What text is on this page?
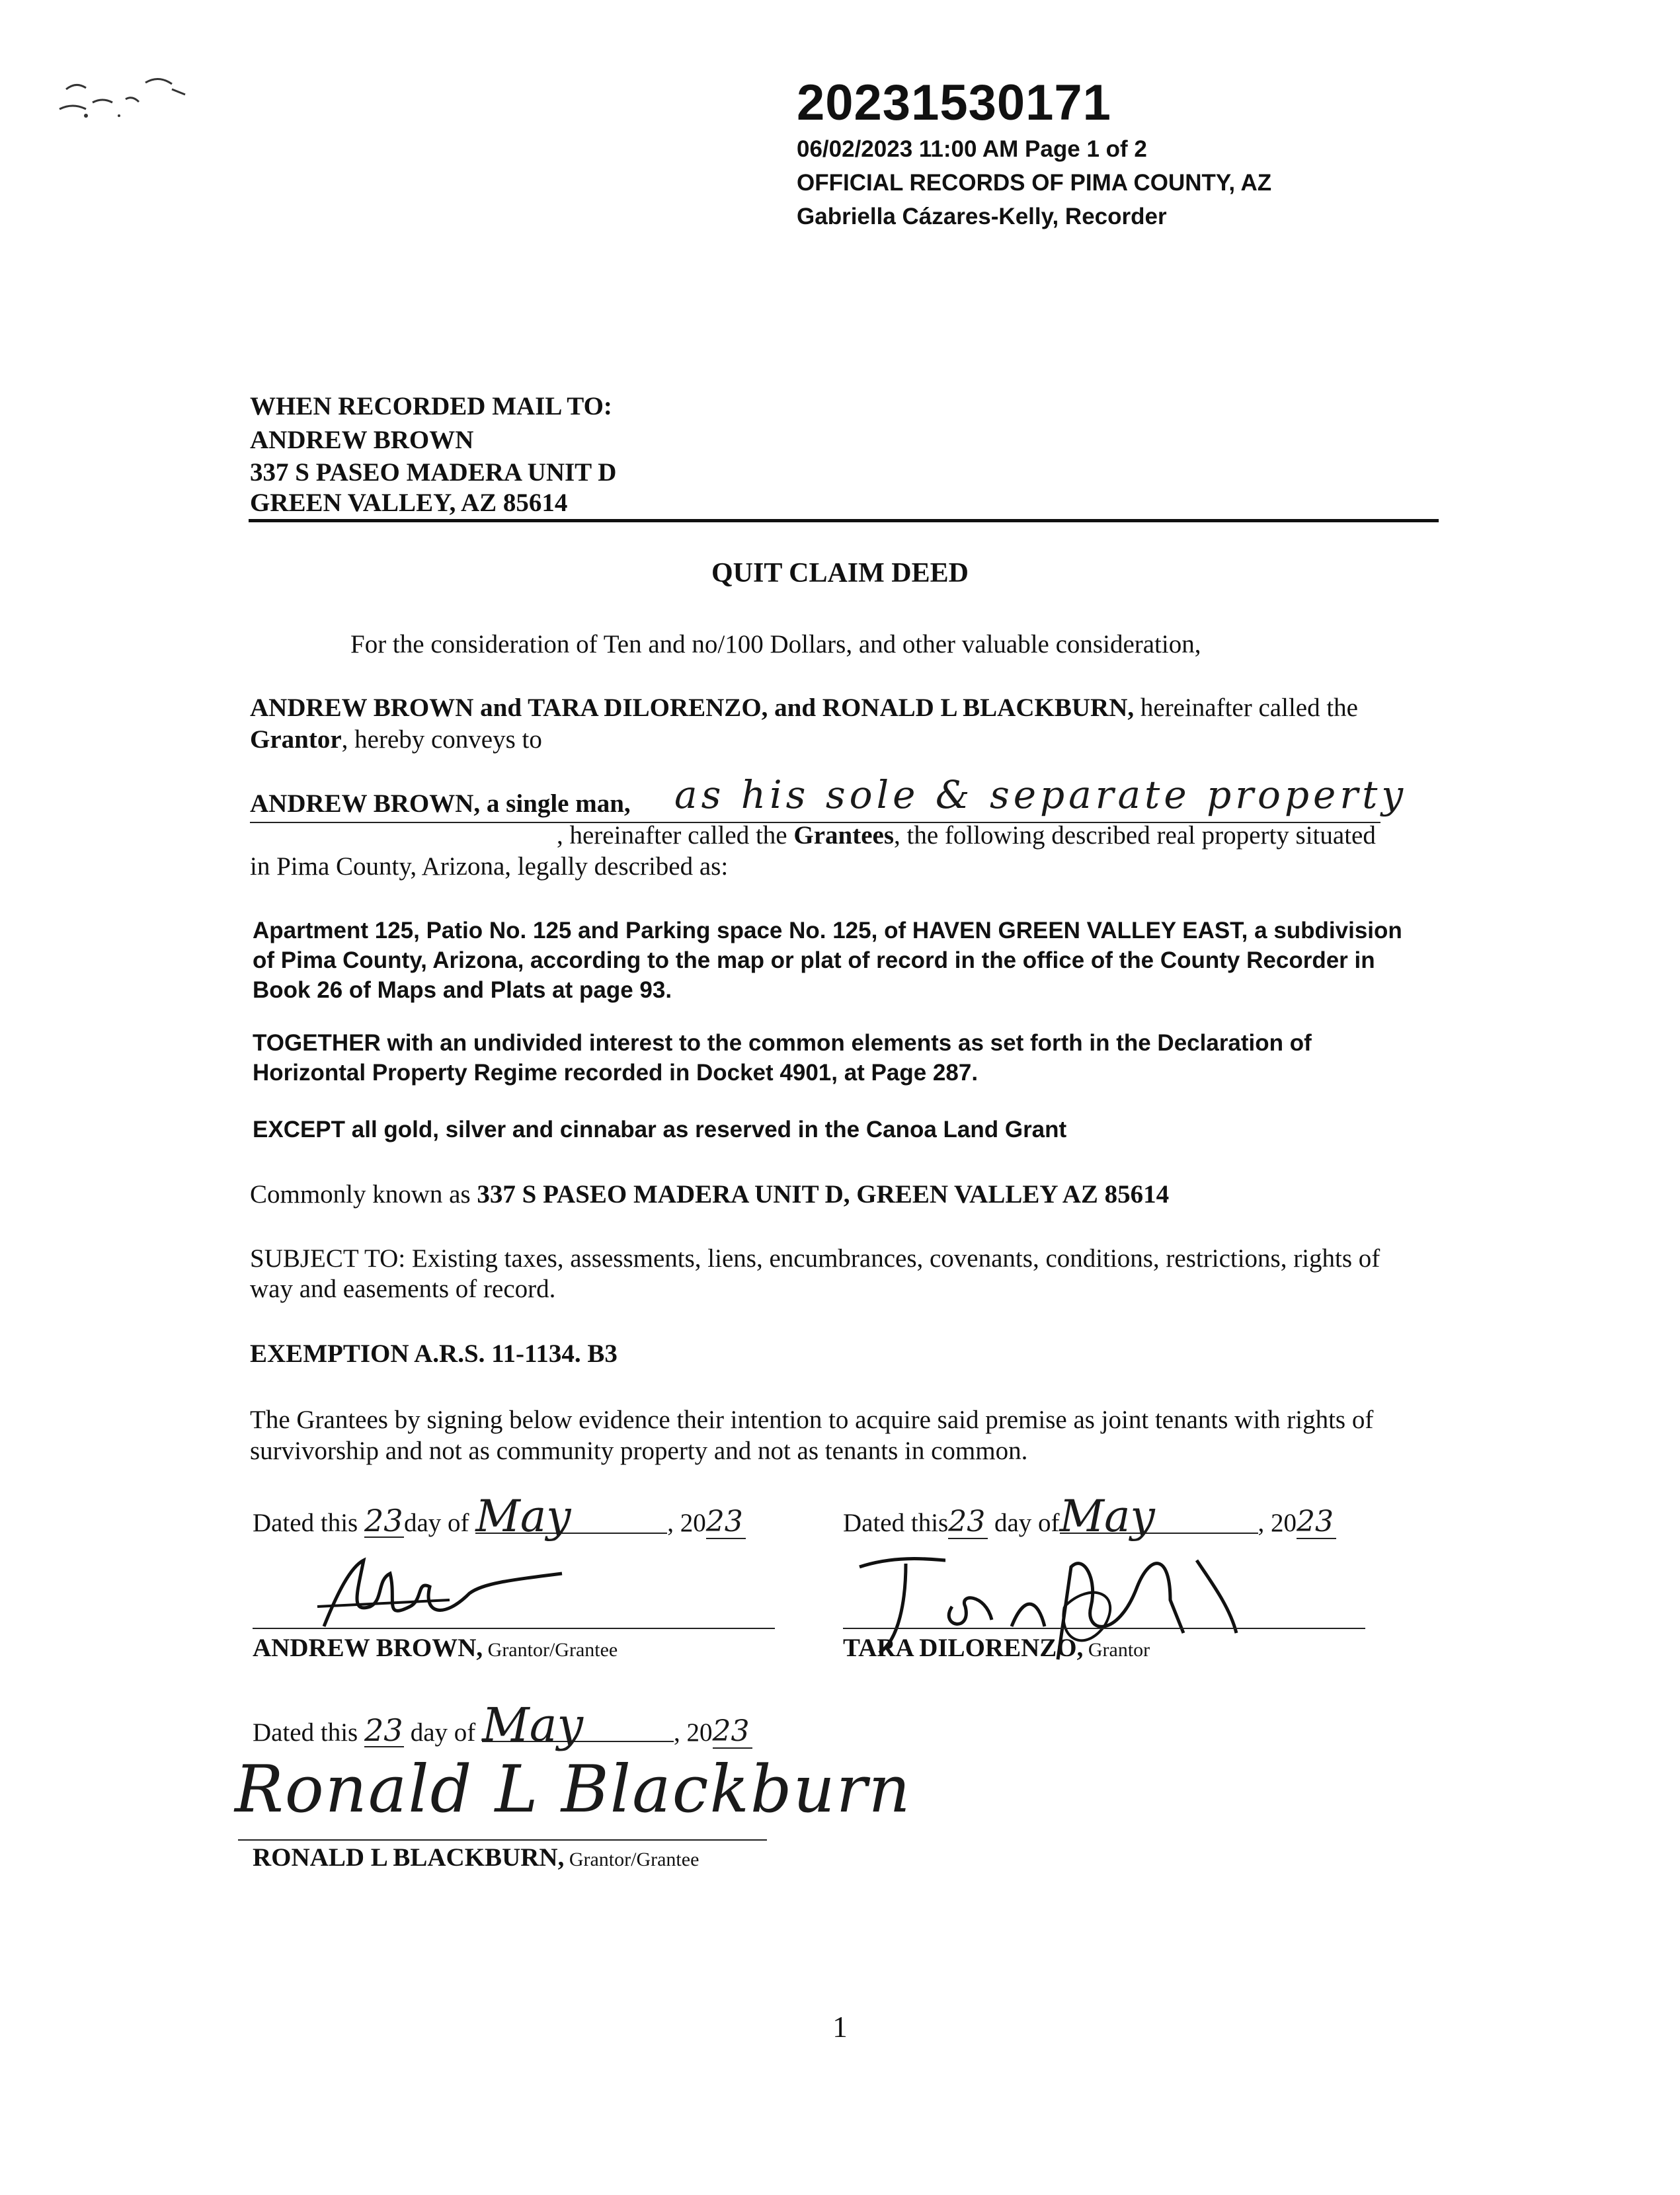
20231530171
06/02/2023 11:00 AM Page 1 of 2
OFFICIAL RECORDS OF PIMA COUNTY, AZ
Gabriella Cázares-Kelly, Recorder
WHEN RECORDED MAIL TO:
ANDREW BROWN
337 S PASEO MADERA UNIT D
GREEN VALLEY, AZ 85614
QUIT CLAIM DEED
For the consideration of Ten and no/100 Dollars, and other valuable consideration,
ANDREW BROWN and TARA DILORENZO, and RONALD L BLACKBURN, hereinafter called the
Grantor, hereby conveys to
ANDREW BROWN, a single man, as his sole & separate property
, hereinafter called the Grantees, the following described real property situated
in Pima County, Arizona, legally described as:
Apartment 125, Patio No. 125 and Parking space No. 125, of HAVEN GREEN VALLEY EAST, a subdivision
of Pima County, Arizona, according to the map or plat of record in the office of the County Recorder in
Book 26 of Maps and Plats at page 93.
TOGETHER with an undivided interest to the common elements as set forth in the Declaration of
Horizontal Property Regime recorded in Docket 4901, at Page 287.
EXCEPT all gold, silver and cinnabar as reserved in the Canoa Land Grant
Commonly known as 337 S PASEO MADERA UNIT D, GREEN VALLEY AZ 85614
SUBJECT TO: Existing taxes, assessments, liens, encumbrances, covenants, conditions, restrictions, rights of
way and easements of record.
EXEMPTION A.R.S. 11-1134. B3
The Grantees by signing below evidence their intention to acquire said premise as joint tenants with rights of
survivorship and not as community property and not as tenants in common.
Dated this 23day of May	, 2023
ANDREW BROWN, Grantor/Grantee
Dated this23 day ofMay	, 2023
TARA DILORENZO, Grantor
Dated this 23 day of May	, 2023
Ronald L Blackburn
RONALD L BLACKBURN, Grantor/Grantee
1
